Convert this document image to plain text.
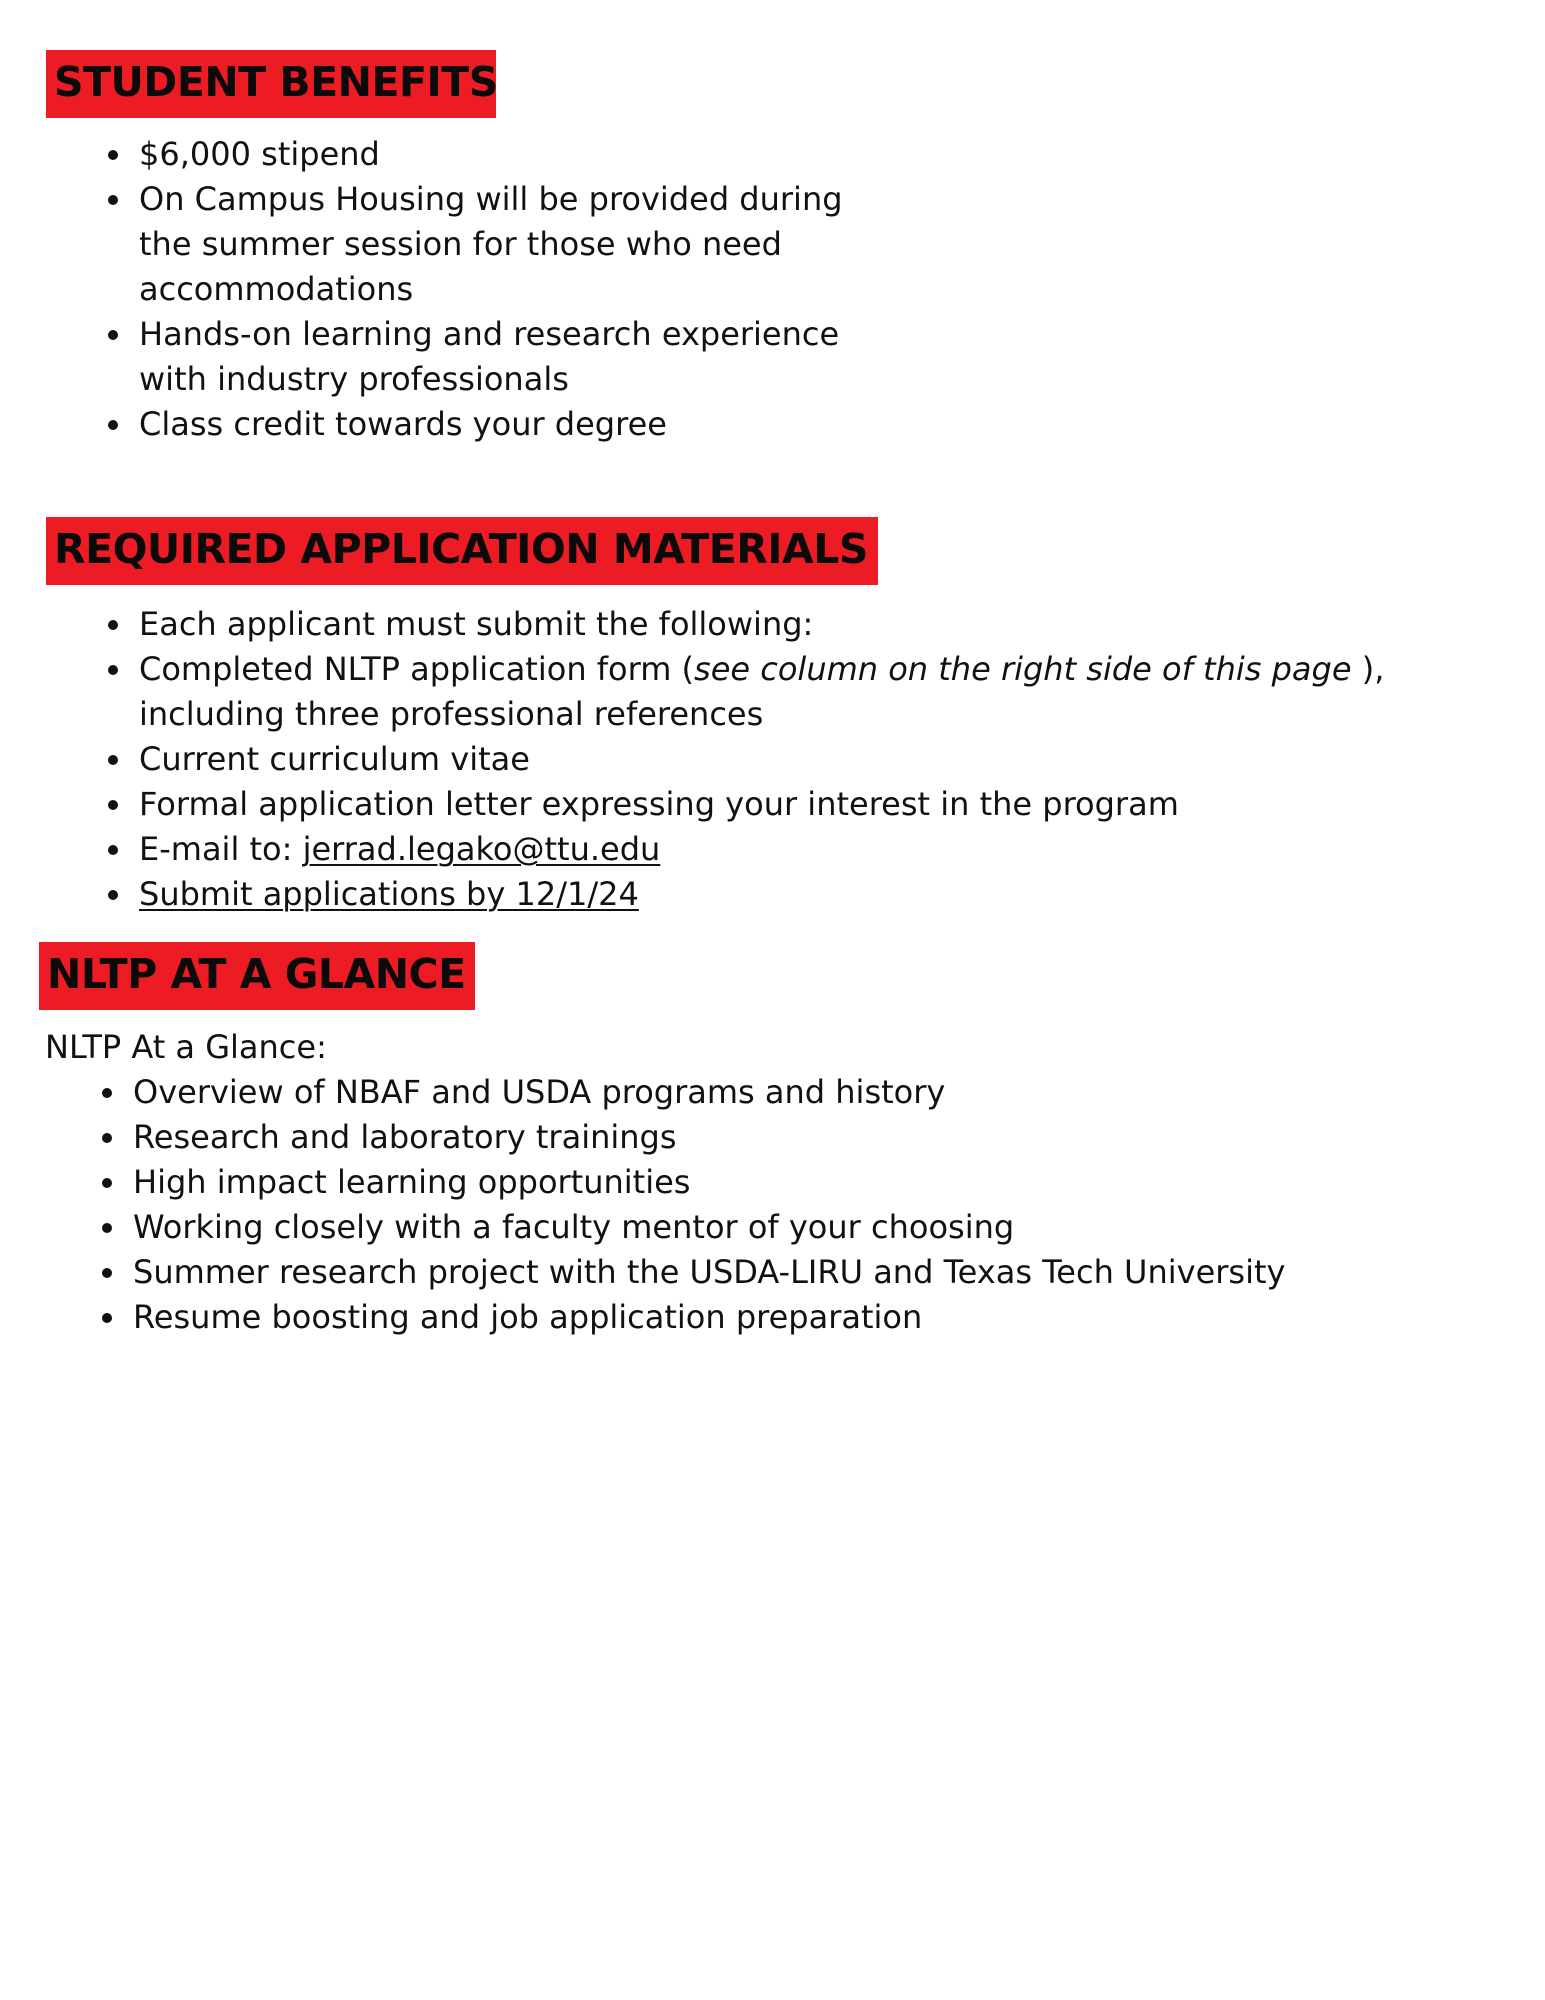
STUDENT BENEFITS
$6,000 stipend
On Campus Housing will be provided during the summer session for those who need accommodations
Hands-on learning and research experience with industry professionals
Class credit towards your degree
REQUIRED APPLICATION MATERIALS
Each applicant must submit the following:
Completed NLTP application form (see column on the right side of this page ), including three professional references
Current curriculum vitae
Formal application letter expressing your interest in the program
E-mail to: jerrad.legako@ttu.edu
Submit applications by 12/1/24
NLTP AT A GLANCE
NLTP At a Glance:
Overview of NBAF and USDA programs and history
Research and laboratory trainings
High impact learning opportunities
Working closely with a faculty mentor of your choosing
Summer research project with the USDA-LIRU and Texas Tech University
Resume boosting and job application preparation
